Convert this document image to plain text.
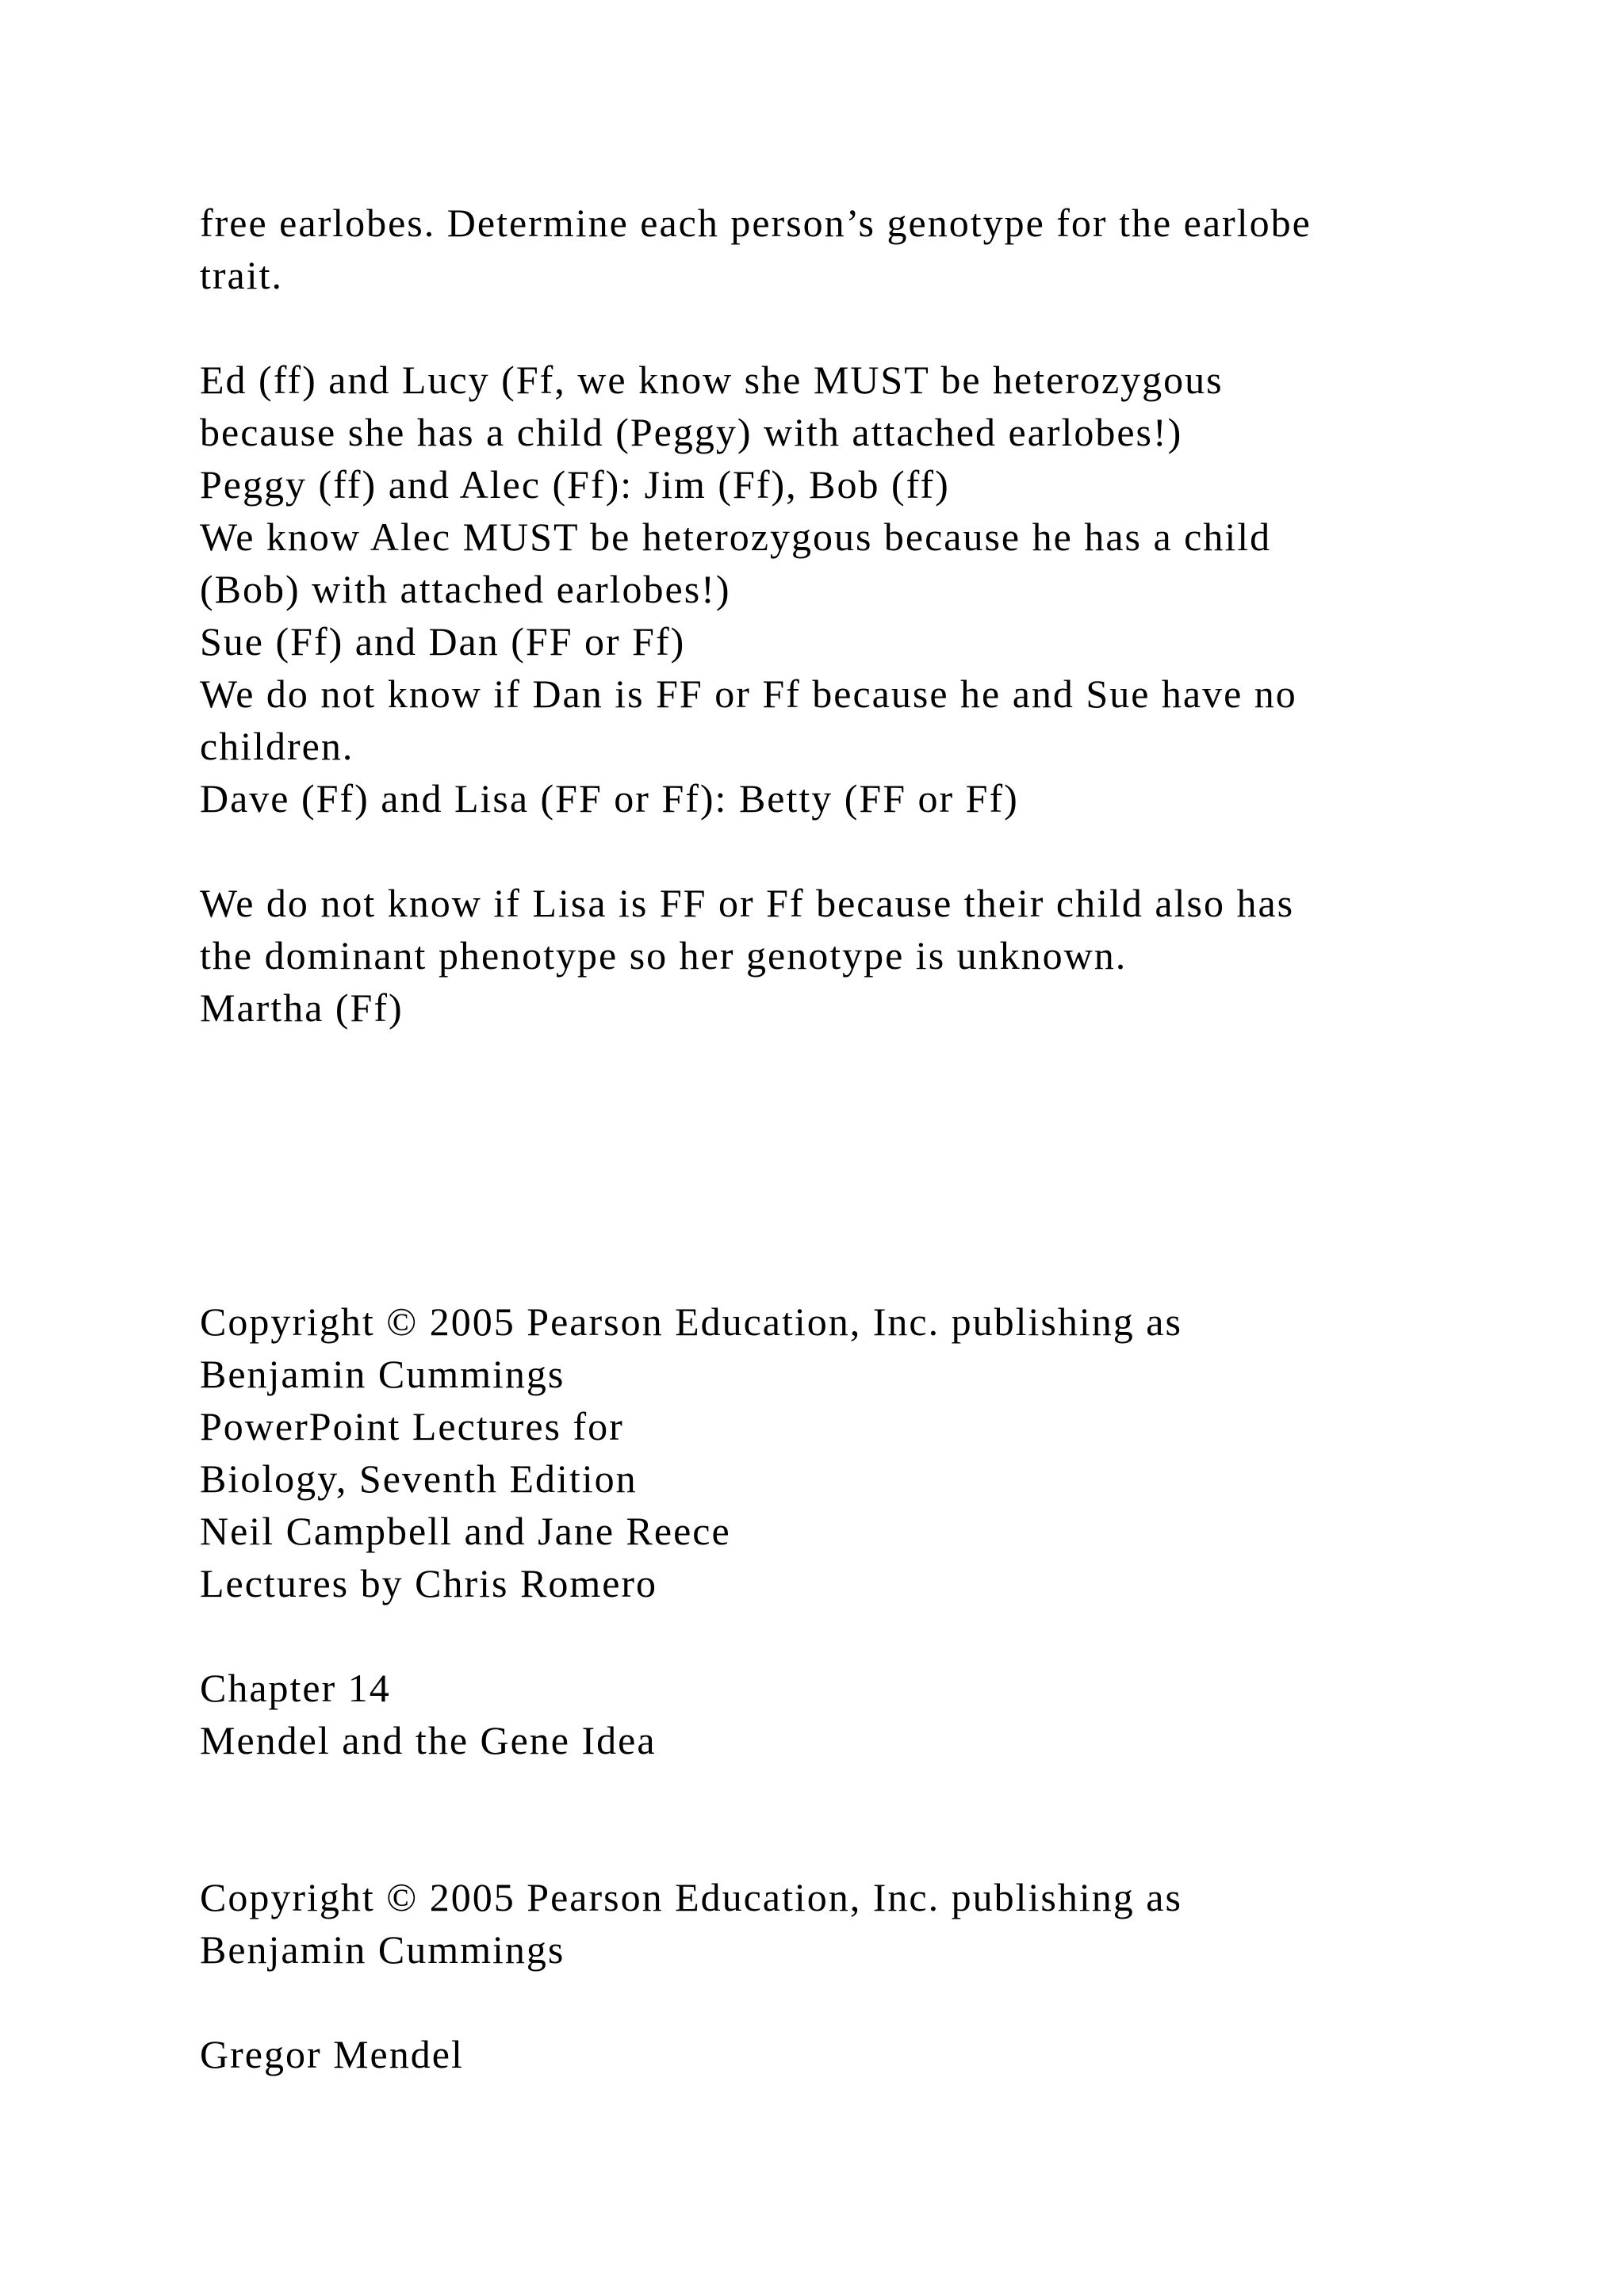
free earlobes. Determine each person’s genotype for the earlobe
trait.
Ed (ff) and Lucy (Ff, we know she MUST be heterozygous
because she has a child (Peggy) with attached earlobes!)
Peggy (ff) and Alec (Ff): Jim (Ff), Bob (ff)
We know Alec MUST be heterozygous because he has a child
(Bob) with attached earlobes!)
Sue (Ff) and Dan (FF or Ff)
We do not know if Dan is FF or Ff because he and Sue have no
children.
Dave (Ff) and Lisa (FF or Ff): Betty (FF or Ff)
We do not know if Lisa is FF or Ff because their child also has
the dominant phenotype so her genotype is unknown.
Martha (Ff)
Copyright © 2005 Pearson Education, Inc. publishing as
Benjamin Cummings
PowerPoint Lectures for
Biology, Seventh Edition
Neil Campbell and Jane Reece
Lectures by Chris Romero
Chapter 14
Mendel and the Gene Idea
Copyright © 2005 Pearson Education, Inc. publishing as
Benjamin Cummings
Gregor Mendel
